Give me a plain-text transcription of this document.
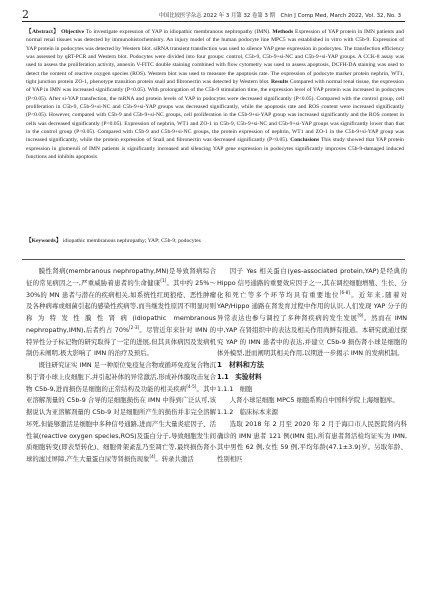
2	中国比较医学杂志 2022 年 3 月第 32 卷第 3 期　Chin J Comp Med, March 2022, Vol. 32, No. 3
【Abstract】 Objective To investigate expression of YAP in idiopathic membranous nephropathy (IMN). Methods Expression of YAP protein in IMN patients and normal renal tissues was detected by immunohistochemistry. An injury model of the human podocyte line MPC5 was established in vitro with C5b-9. Expression of YAP protein in podocytes was detected by Western blot. siRNA transient transfection was used to silence YAP gene expression in podocytes. The transfection efficiency was assessed by qRT-PCR and Western blot. Podocytes were divided into four groups: control, C5b-9, C5b-9+si-NC and C5b-9+si-YAP groups. A CCK-8 assay was used to assess the proliferation activity, annexin V-FITC double staining combined with flow cytometry was used to assess apoptosis, DCFH-DA staining was used to detect the content of reactive oxygen species (ROS). Western blot was used to measure the apoptosis rate. The expression of podocyte marker protein nephrin, WT1, tight junction protein ZO-1, phenotype transition protein snail and fibronectin was detected by Western blot. Results Compared with normal renal tissue, the expression of YAP in IMN was increased significantly (P<0.05). With prolongation of the C5b-9 stimulation time, the expression level of YAP protein was increased in podocytes (P<0.05). After si-YAP transfection, the mRNA and protein levels of YAP in podocytes were decreased significantly (P<0.05). Compared with the control group, cell proliferation in C5b-9, C5b-9+si-NC and C5b-9+si-YAP groups was decreased significantly, while the apoptosis rate and ROS content were increased significantly (P<0.05). However, compared with C5b-9 and C5b-9+si-NC groups, cell proliferation in the C5b-9+si-YAP group was increased significantly and the ROS content in cells was decreased significantly (P<0.05). Expression of nephrin, WT1 and ZO-1 in C5b-9, C5b-9+si-NC and C5b-9+si-YAP groups was significantly lower than that in the control group (P<0.05). Compared with C5b-9 and C5b-9+si-NC groups, the protein expression of nephrin, WT1 and ZO-1 in the C5b-9+si-YAP group was increased significantly, while the protein expression of Snail and fibronectin was decreased significantly (P<0.05). Conclusions This study showed that YAP protein expression in glomeruli of IMN patients is significantly increased and silencing YAP gene expression in podocytes significantly improves C5b-9-damaged induced functions and inhibits apoptosis
【Keywords】 idiopathic membranous nephropathy; YAP; C5b-9; podocytes

膜性肾病(membranous nephropathy,MN)是导致肾病综合征的常见病因之一,严重威胁着患者的生命健康[1]。其中约 25%～30%的 MN 患者与潜在的疾病相关,如系统性红斑狼疮、恶性肿瘤及各种病毒或细菌引起的感染性疾病等,而当继发性原因不明显时则称为特发性膜性肾病(idiopathic membranous nephropathy,IMN),后者约占 70%[2-3]。尽管近年来针对 IMN 的特异性分子标记物的研究取得了一定的进展,但其具体病因及发病机制仍未阐明,极大影响了 IMN 的治疗及预后。

既往研究证实 IMN 足一种原位免疫复合物或循环免疫复合物沉积于肾小球上皮细胞下,并引起补体的异常激活,形成补体膜攻击复合物 C5b-9,进而损伤足细胞的正常结构及功能的相关疾病[4-5]。其中亚溶解剂量的 C5b-9 合导的足细胞损伤在 IMN 中得到广泛认可,该据说认为亚溶解剂量的 C5b-9 对足细胞所产生的损伤并非完全溶解坏死,但能够激活足细胞中多种信号通路,进而产生大量炎症因子、活性氧(reactive oxygen species,ROS)及蛋白分子,导致细胞发生间质细胞转变(即表型转化)、细胞骨架紊乱乃至凋亡等,最终损伤肾小球的滤过屏障,产生大量蛋白尿等肾损伤现象[4]。转录共激活

因子 Yes 相关蛋白(yes-associated protein,YAP)是经典的 Hippo 信号通路的重要效应因子之一,其在调控细胞增殖、生长、分化和死亡等多个环节均具有重要地位[6-8]。近年来,随着对 YAP/Hippo 通路在肾发育过程中作用的认识,人们发现 YAP 分子的异常表达也参与调控了多种肾疾病的发生发展[9]。然而在 IMN 中,YAP 在肾组织中的表达及相关作用尚鲜有报道。本研究就通过探究 YAP 的 IMN 患者中的表达,并建立 C5b-9 损伤肾小球足细胞的体外模型,进而阐明其相关作用,以期进一步揭示 IMN 的发病机制。

1　材料和方法

1.1　实验材料

1.1.1　细胞

人肾小球足细胞 MPC5 细胞系购自中国科学院上海细胞库。

1.1.2　临床标本来源

选取 2018 年 2 月至 2020 年 2 月于海口市人民医院肾内科确诊的 IMN 患者 121 例(IMN 组),所有患者肾活检均证实为 IMN,其中男性 62 例,女性 59 例,平均年龄(47.1±3.9)岁。另取年龄、性别相匹
